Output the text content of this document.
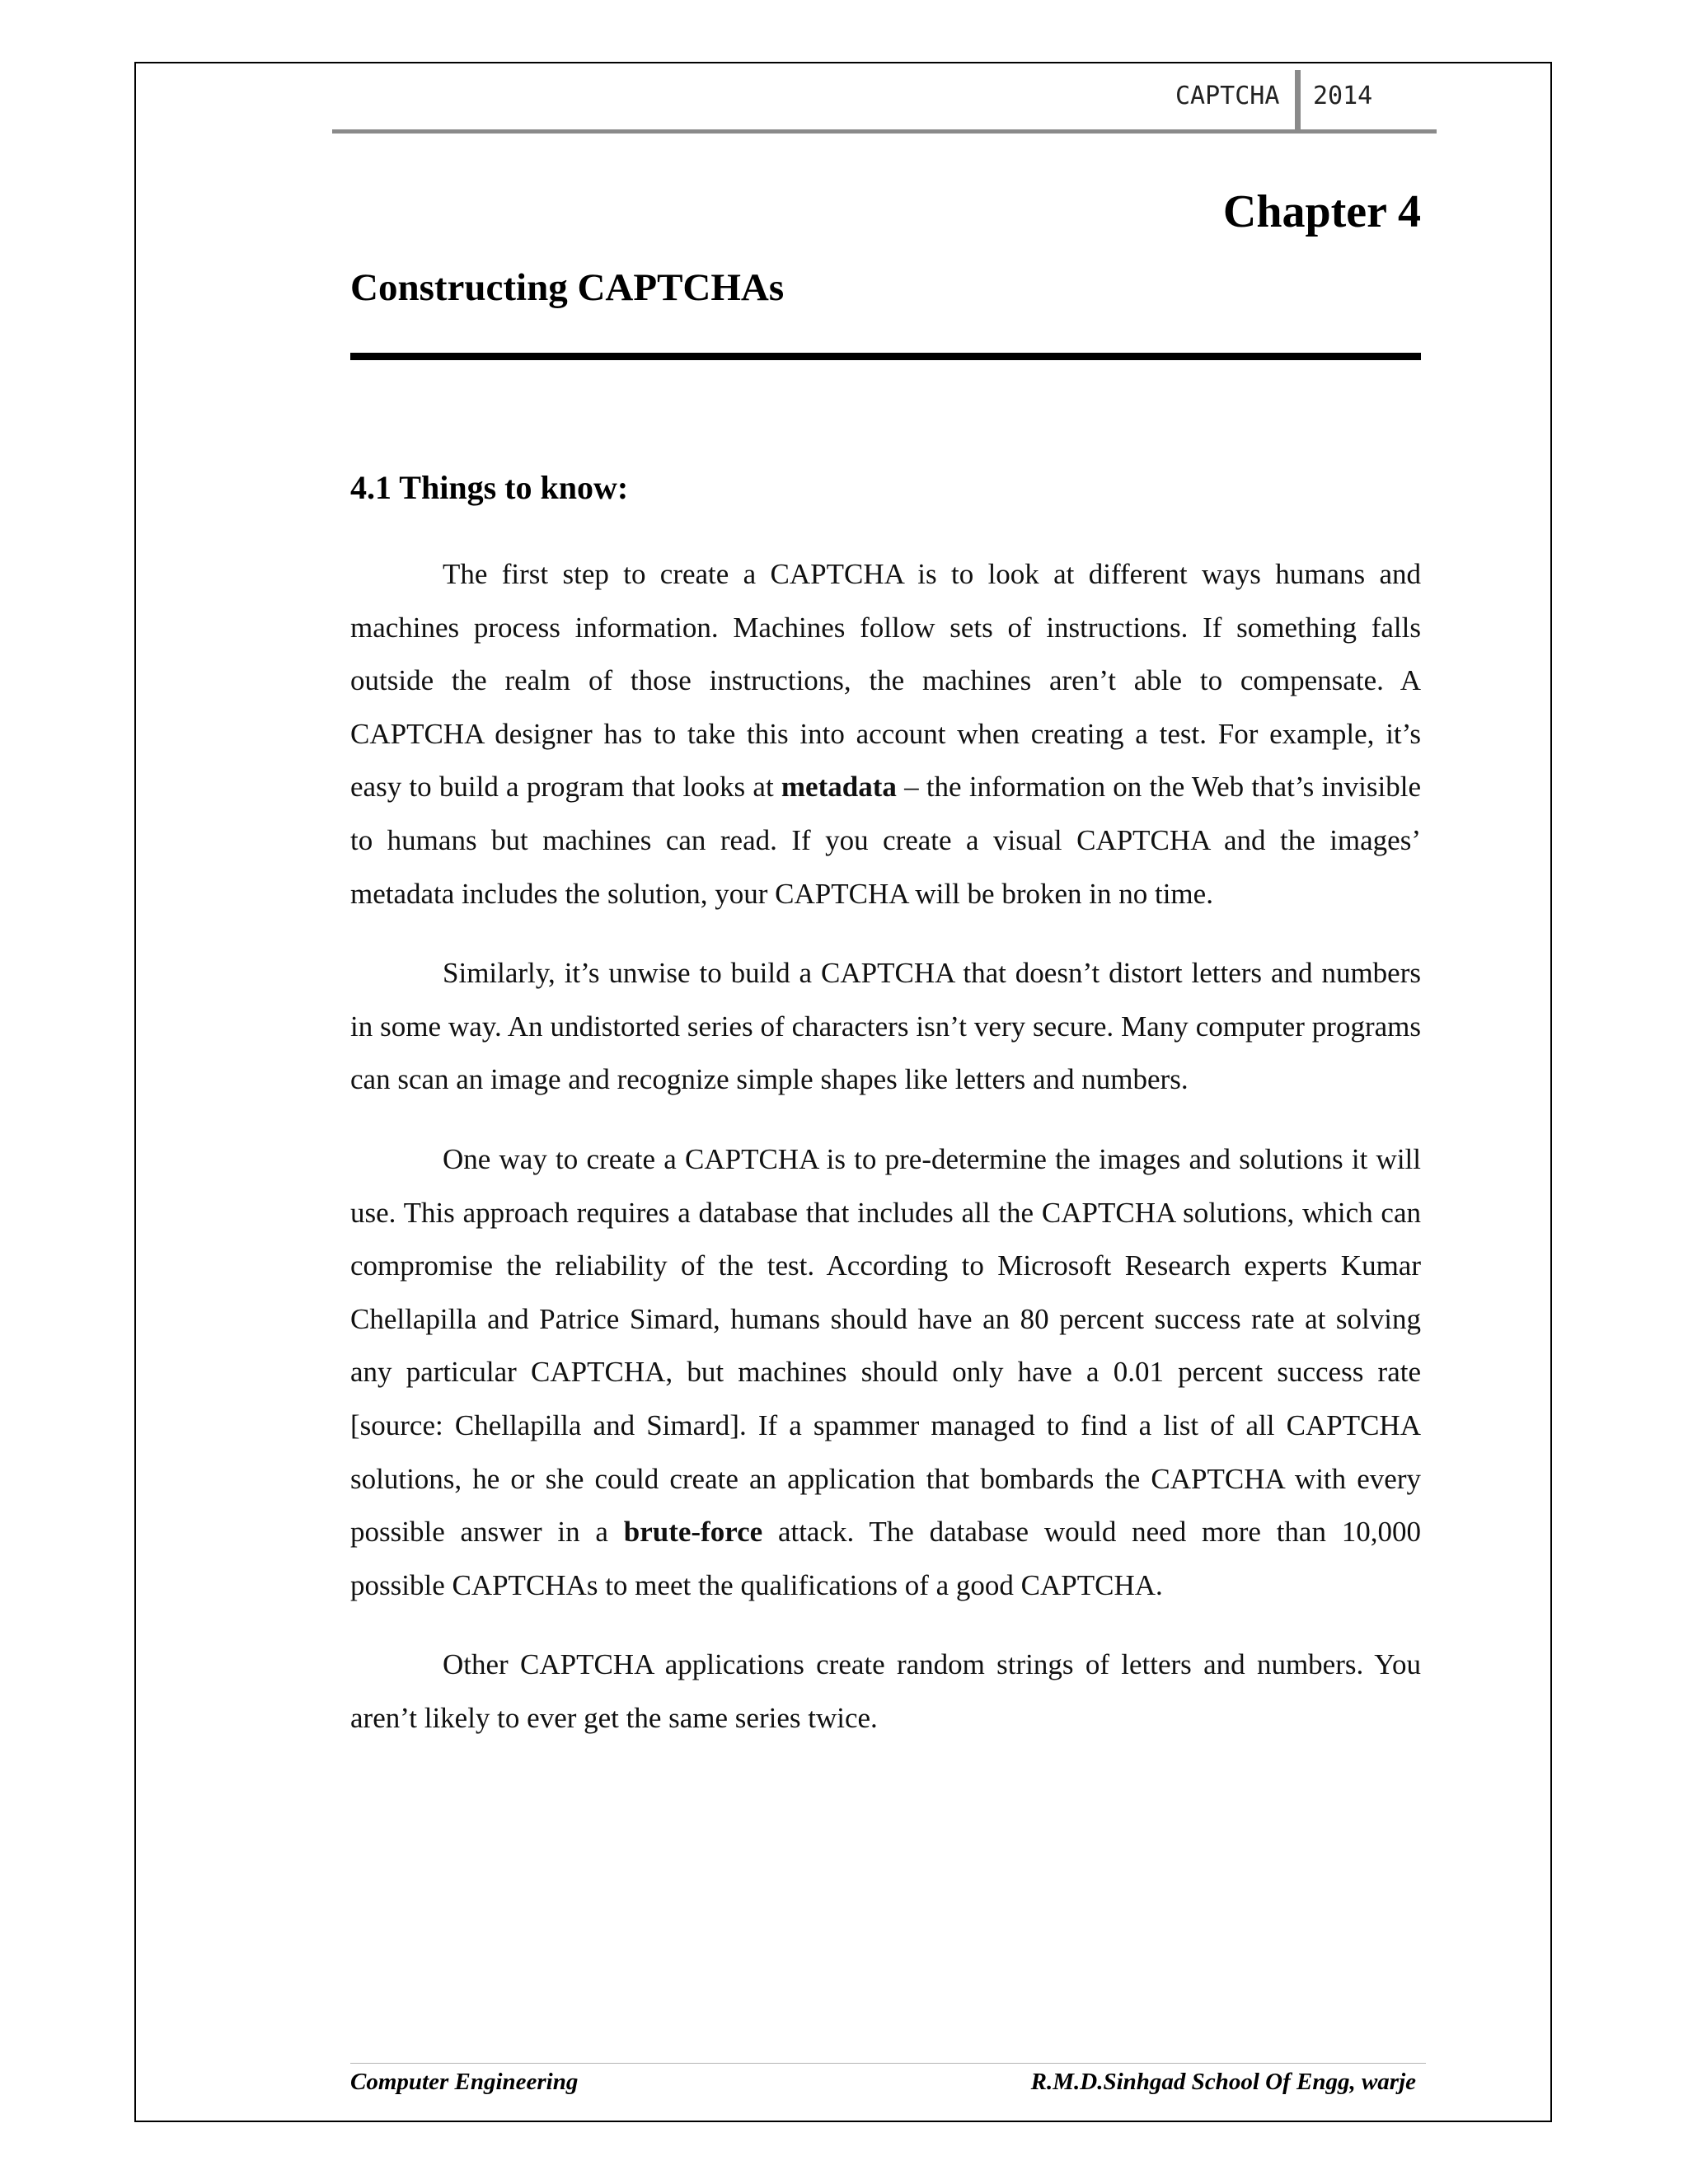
CAPTCHA 2014
Chapter 4
Constructing CAPTCHAs
4.1 Things to know:

The first step to create a CAPTCHA is to look at different ways humans and machines process information. Machines follow sets of instructions. If something falls outside the realm of those instructions, the machines aren’t able to compensate. A CAPTCHA designer has to take this into account when creating a test. For example, it’s easy to build a program that looks at metadata – the information on the Web that’s invisible to humans but machines can read. If you create a visual CAPTCHA and the images’ metadata includes the solution, your CAPTCHA will be broken in no time.

Similarly, it’s unwise to build a CAPTCHA that doesn’t distort letters and numbers in some way. An undistorted series of characters isn’t very secure. Many computer programs can scan an image and recognize simple shapes like letters and numbers.

One way to create a CAPTCHA is to pre-determine the images and solutions it will use. This approach requires a database that includes all the CAPTCHA solutions, which can compromise the reliability of the test. According to Microsoft Research experts Kumar Chellapilla and Patrice Simard, humans should have an 80 percent success rate at solving any particular CAPTCHA, but machines should only have a 0.01 percent success rate [source: Chellapilla and Simard]. If a spammer managed to find a list of all CAPTCHA solutions, he or she could create an application that bombards the CAPTCHA with every possible answer in a brute-force attack. The database would need more than 10,000 possible CAPTCHAs to meet the qualifications of a good CAPTCHA.

Other CAPTCHA applications create random strings of letters and numbers. You aren’t likely to ever get the same series twice.

Computer Engineering	R.M.D.Sinhgad School Of Engg, warje
